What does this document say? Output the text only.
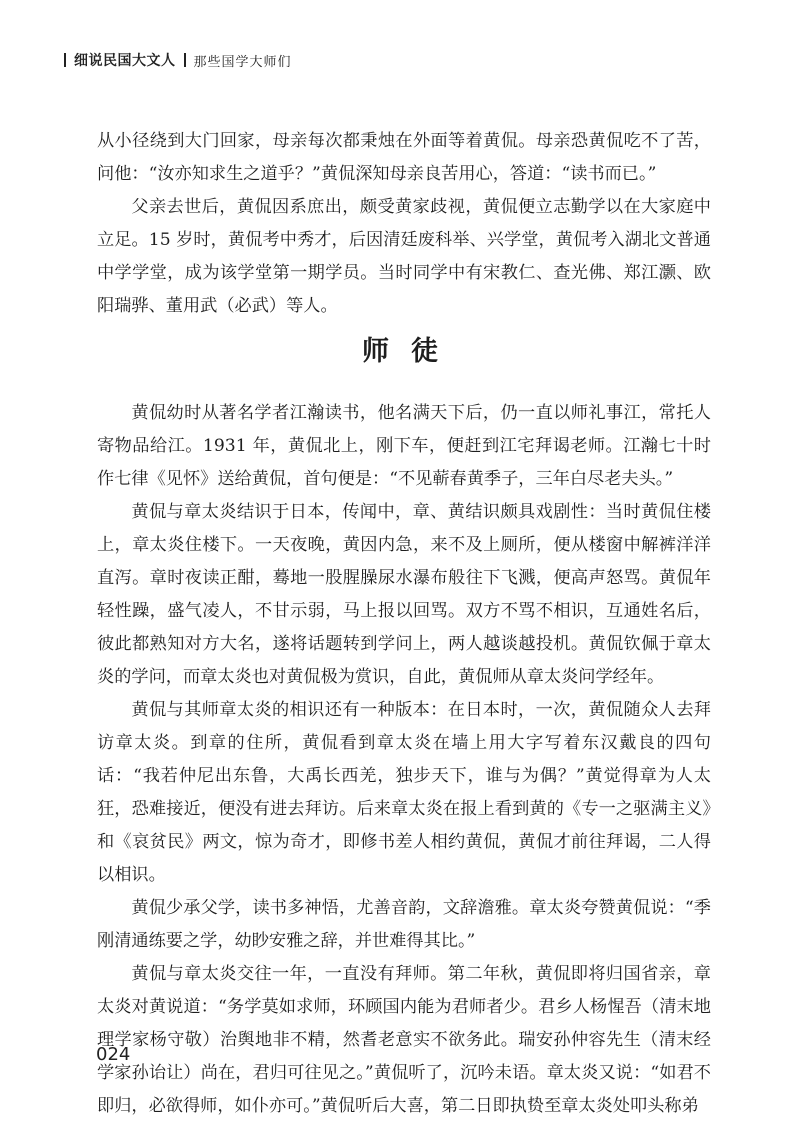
细说民国大文人 那些国学大师们

从小径绕到大门回家，母亲每次都秉烛在外面等着黄侃。母亲恐黄侃吃不了苦，问他：“汝亦知求生之道乎？”黄侃深知母亲良苦用心，答道：“读书而已。”

父亲去世后，黄侃因系庶出，颇受黄家歧视，黄侃便立志勤学以在大家庭中立足。15 岁时，黄侃考中秀才，后因清廷废科举、兴学堂，黄侃考入湖北文普通中学学堂，成为该学堂第一期学员。当时同学中有宋教仁、查光佛、郑江灏、欧阳瑞骅、董用武（必武）等人。

师徒

黄侃幼时从著名学者江瀚读书，他名满天下后，仍一直以师礼事江，常托人寄物品给江。1931 年，黄侃北上，刚下车，便赶到江宅拜谒老师。江瀚七十时作七律《见怀》送给黄侃，首句便是：“不见蕲春黄季子，三年白尽老夫头。”

黄侃与章太炎结识于日本，传闻中，章、黄结识颇具戏剧性：当时黄侃住楼上，章太炎住楼下。一天夜晚，黄因内急，来不及上厕所，便从楼窗中解裤洋洋直泻。章时夜读正酣，蓦地一股腥臊尿水瀑布般往下飞溅，便高声怒骂。黄侃年轻性躁，盛气凌人，不甘示弱，马上报以回骂。双方不骂不相识，互通姓名后，彼此都熟知对方大名，遂将话题转到学问上，两人越谈越投机。黄侃钦佩于章太炎的学问，而章太炎也对黄侃极为赏识，自此，黄侃师从章太炎问学经年。

黄侃与其师章太炎的相识还有一种版本：在日本时，一次，黄侃随众人去拜访章太炎。到章的住所，黄侃看到章太炎在墙上用大字写着东汉戴良的四句话：“我若仲尼出东鲁，大禹长西羌，独步天下，谁与为偶？”黄觉得章为人太狂，恐难接近，便没有进去拜访。后来章太炎在报上看到黄的《专一之驱满主义》和《哀贫民》两文，惊为奇才，即修书差人相约黄侃，黄侃才前往拜谒，二人得以相识。

黄侃少承父学，读书多神悟，尤善音韵，文辞澹雅。章太炎夸赞黄侃说：“季刚清通练要之学，幼眇安雅之辞，并世难得其比。”

黄侃与章太炎交往一年，一直没有拜师。第二年秋，黄侃即将归国省亲，章太炎对黄说道：“务学莫如求师，环顾国内能为君师者少。君乡人杨惺吾（清末地理学家杨守敬）治舆地非不精，然耆老意实不欲务此。瑞安孙仲容先生（清末经学家孙诒让）尚在，君归可往见之。”黄侃听了，沉吟未语。章太炎又说：“如君不即归，必欲得师，如仆亦可。”黄侃听后大喜，第二日即执贽至章太炎处叩头称弟

024
